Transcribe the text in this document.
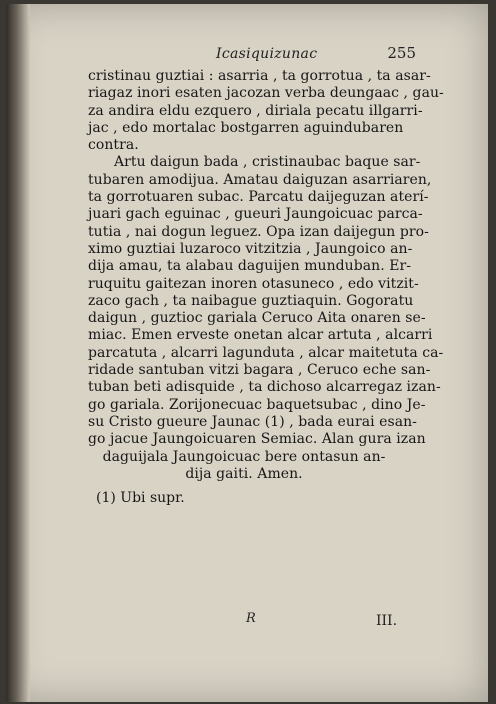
Icasiquizunac	255
cristinau guztiai : asarria , ta gorrotua , ta asar-
riagaz inori esaten jacozan verba deungaac , gau-
za andira eldu ezquero , diriala pecatu illgarri-
jac , edo mortalac bostgarren aguindubaren
contra.
Artu daigun bada , cristinaubac baque sar-
tubaren amodijua. Amatau daiguzan asarriaren,
ta gorrotuaren subac. Parcatu daijeguzan aterí-
juari gach eguinac , gueuri Jaungoicuac parca-
tutia , nai dogun leguez. Opa izan daijegun pro-
ximo guztiai luzaroco vitzitzia , Jaungoico an-
dija amau, ta alabau daguijen munduban. Er-
ruquitu gaitezan inoren otasuneco , edo vitzit-
zaco gach , ta naibague guztiaquin. Gogoratu
daigun , guztioc gariala Ceruco Aita onaren se-
miac. Emen erveste onetan alcar artuta , alcarri
parcatuta , alcarri lagunduta , alcar maitetuta ca-
ridade santuban vitzi bagara , Ceruco eche san-
tuban beti adisquide , ta dichoso alcarregaz izan-
go gariala. Zorijonecuac baquetsubac , dino Je-
su Cristo gueure Jaunac (1) , bada eurai esan-
go jacue Jaungoicuaren Semiac. Alan gura izan
daguijala Jaungoicuac bere ontasun an-
dija gaiti. Amen.
(1) Ubi supr.
R	III.
